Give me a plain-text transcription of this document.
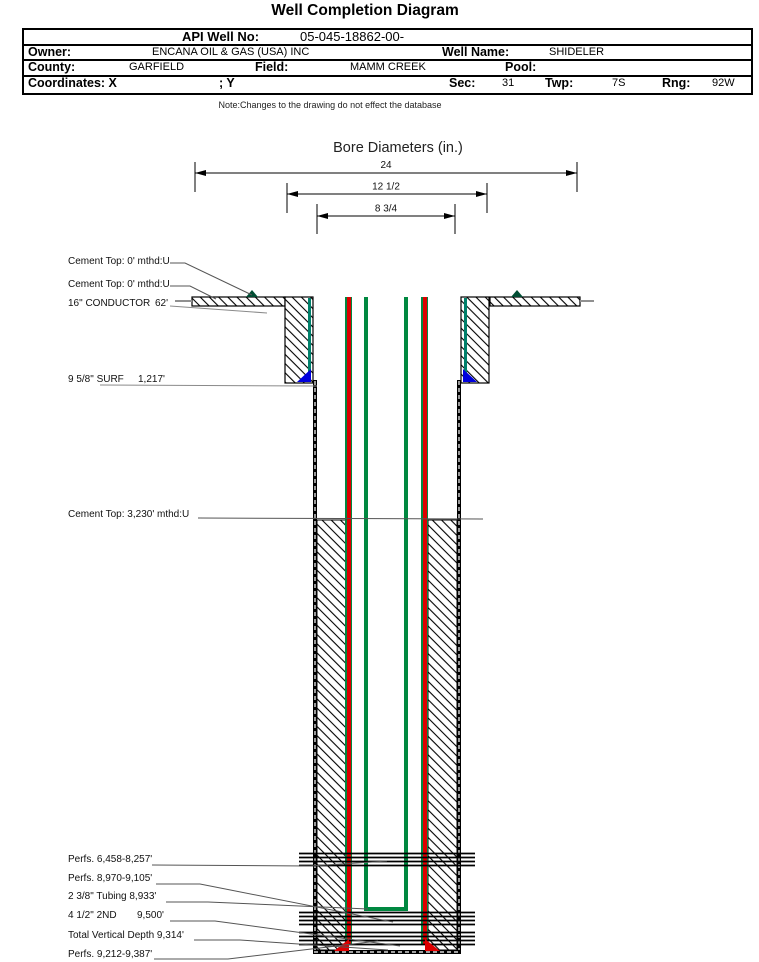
Well Completion Diagram
API Well No:	05-045-18862-00-
Owner:	ENCANA OIL & GAS (USA) INC	Well Name:	SHIDELER
County:	GARFIELD	Field:	MAMM CREEK	Pool:
Coordinates: X	; Y	Sec: 31 Twp:	7S	Rng: 92W
Note:Changes to the drawing do not effect the database
Bore Diameters (in.)
24
12 1/2
8 3/4
Cement Top: 0' mthd:U
Cement Top: 0' mthd:U
16" CONDUCTOR 62'
9 5/8" SURF 1,217'
Cement Top: 3,230' mthd:U
Perfs. 6,458-8,257'
Perfs. 8,970-9,105'
2 3/8" Tubing 8,933'
4 1/2" 2ND 9,500'
Total Vertical Depth 9,314'
Perfs. 9,212-9,387'
